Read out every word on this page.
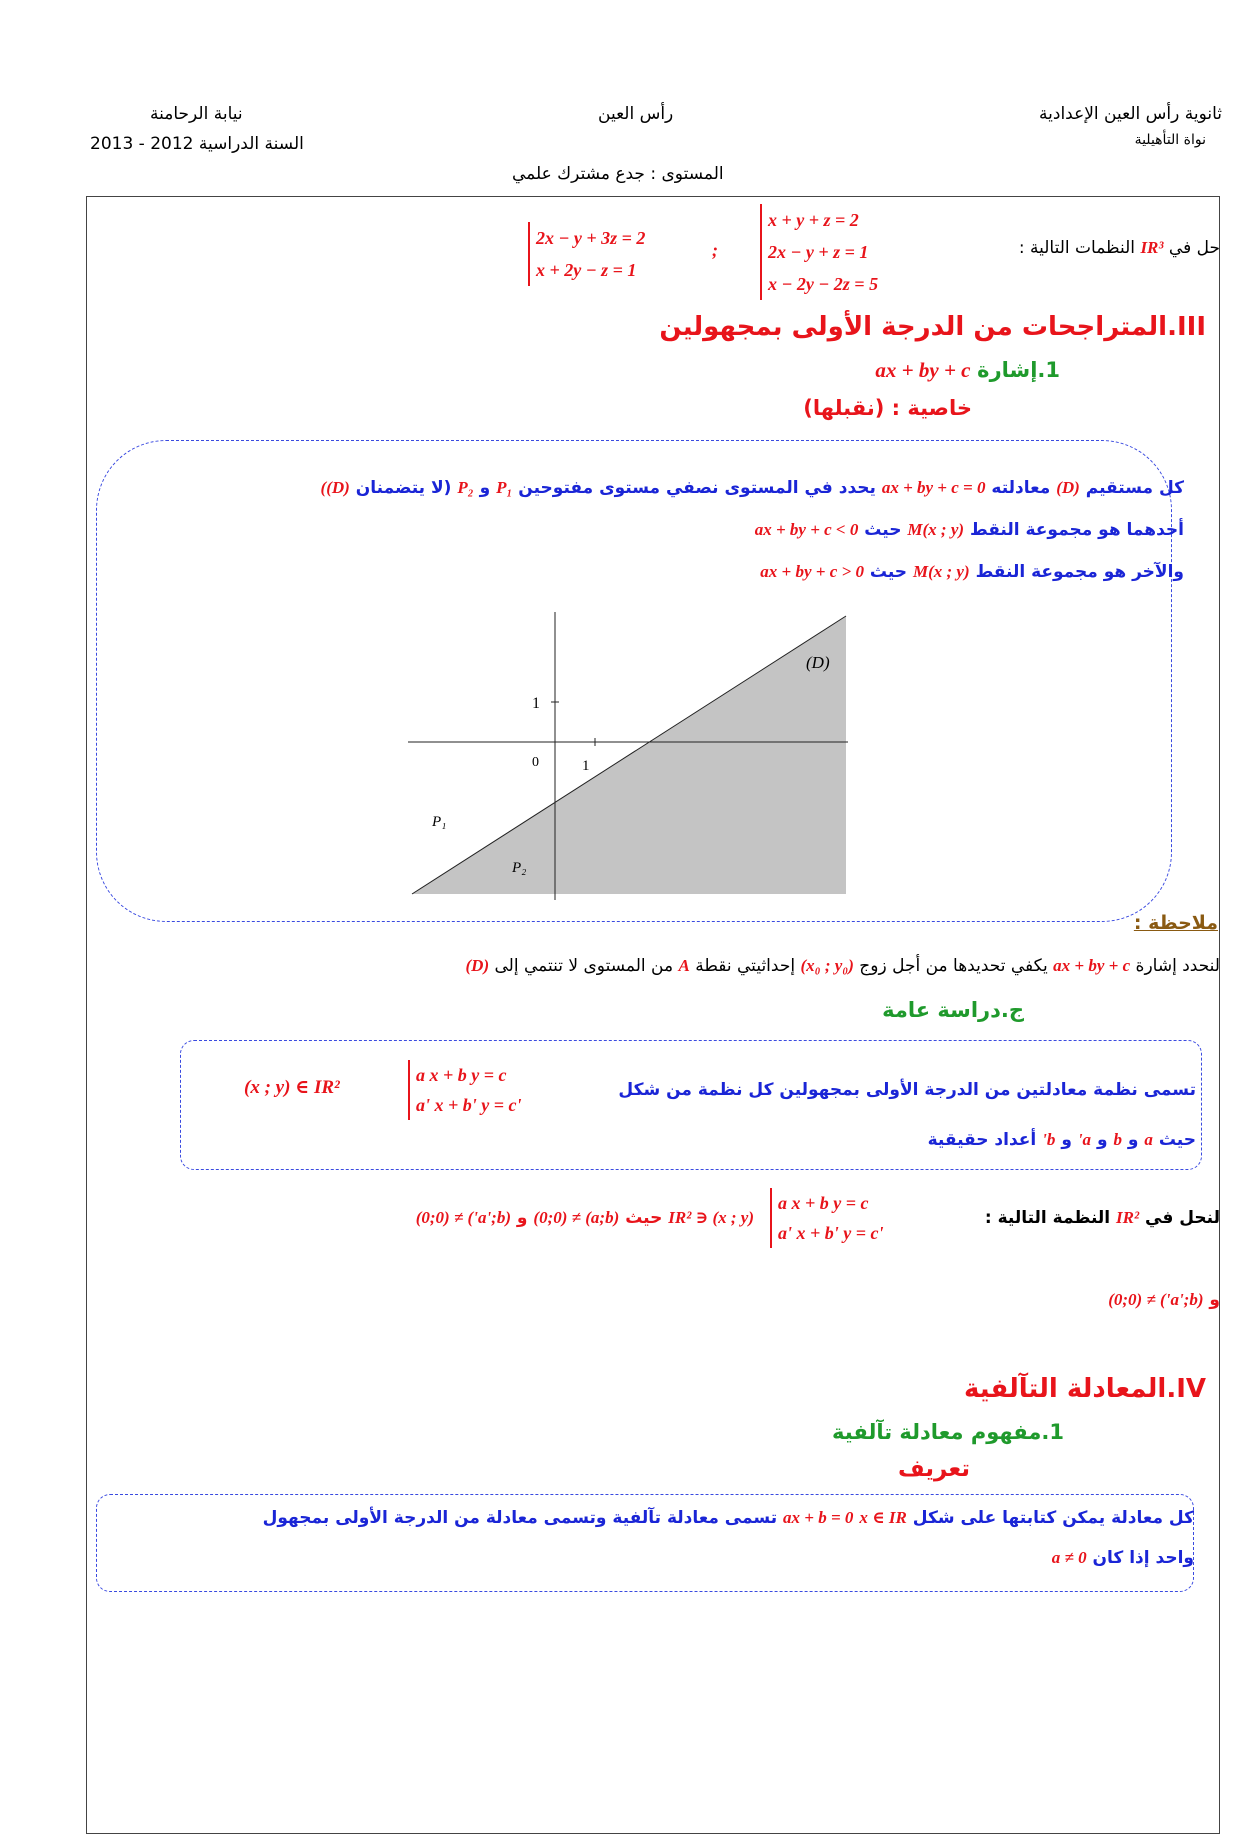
ثانوية رأس العين الإعدادية
نواة التأهيلية
رأس العين
المستوى : جدع مشترك علمي
نيابة الرحامنة
السنة الدراسية 2012 - 2013
حل في IR³ النظمات التالية :
x + y + z = 2
2x − y + z = 1
x − 2y − 2z = 5
;
2x − y + 3z = 2
x + 2y − z = 1
III.المتراجحات من الدرجة الأولى بمجهولين
1.إشارة ax + by + c
خاصية : (نقبلها)
كل مستقيم (D) معادلته ax + by + c = 0 يحدد في المستوى نصفي مستوى مفتوحين P₁ و P₂ (لا يتضمنان (D))
أحدهما هو مجموعة النقط M(x ; y) حيث ax + by + c < 0
والآخر هو مجموعة النقط M(x ; y) حيث ax + by + c > 0
(D)
1
0	1
P₁
P₂
ملاحظة :
لنحدد إشارة ax + by + c يكفي تحديدها من أجل زوج (x₀ ; y₀) إحداثيتي نقطة A من المستوى لا تنتمي إلى (D)
ج.دراسة عامة
تسمى نظمة معادلتين من الدرجة الأولى بمجهولين كل نظمة من شكل
a x + b y = c
a' x + b' y = c'
(x ; y) ∈ IR²
حيث a و b و a' و b' أعداد حقيقية
لنحل في IR² النظمة التالية :
a x + b y = c
a' x + b' y = c'
(x ; y) ∈ IR² حيث (a;b) ≠ (0;0) و (a';b') ≠ (0;0)
و (a';b') ≠ (0;0)
IV.المعادلة التآلفية
1.مفهوم معادلة تآلفية
تعريف
كل معادلة يمكن كتابتها على شكل ax + b = 0 x ∈ IR تسمى معادلة تآلفية وتسمى معادلة من الدرجة الأولى بمجهول
واحد إذا كان a ≠ 0
